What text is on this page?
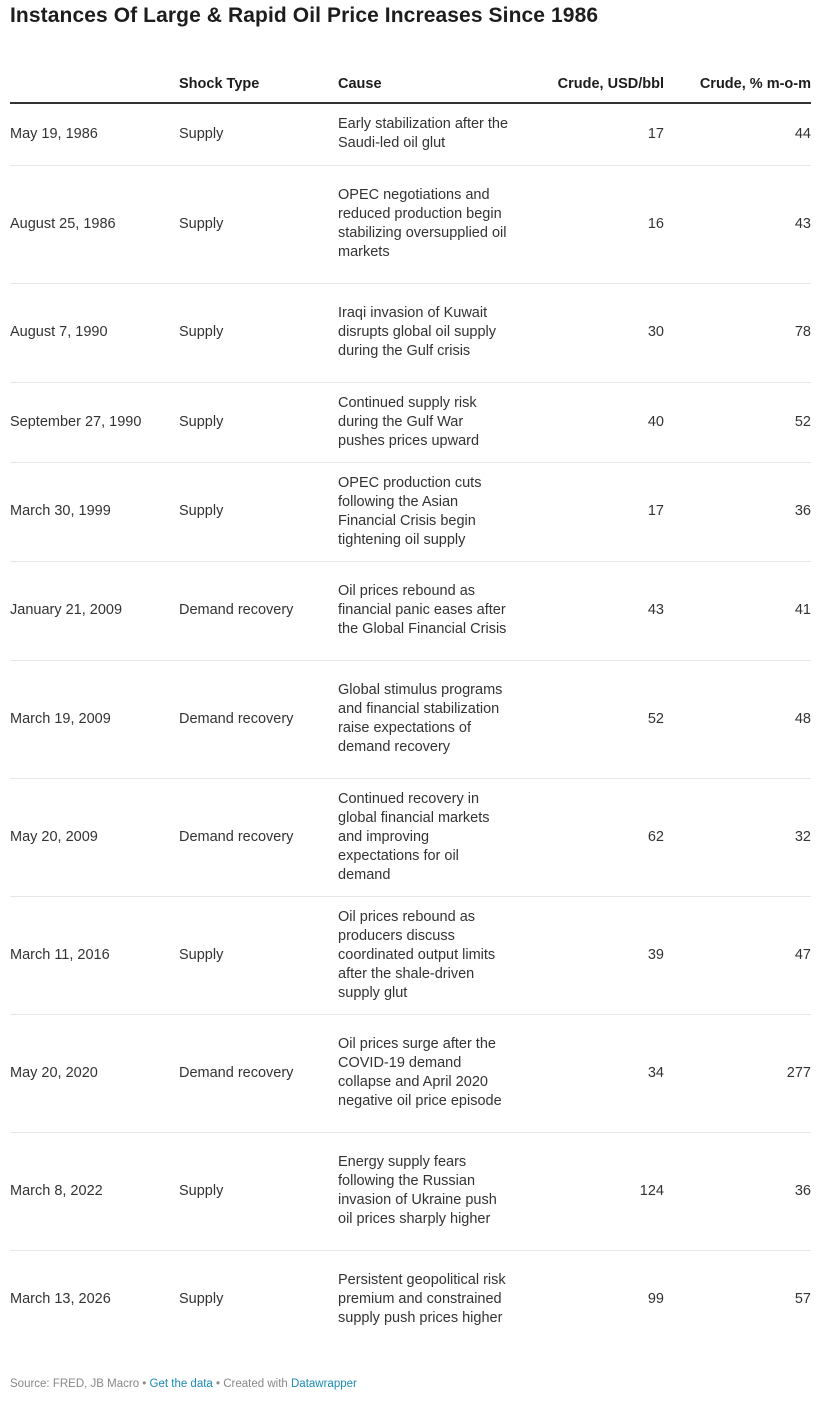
Instances Of Large & Rapid Oil Price Increases Since 1986
	Shock Type	Cause	Crude, USD/bbl	Crude, % m-o-m
May 19, 1986	Supply	Early stabilization after the Saudi-led oil glut	17	44
August 25, 1986	Supply	OPEC negotiations and reduced production begin stabilizing oversupplied oil markets	16	43
August 7, 1990	Supply	Iraqi invasion of Kuwait disrupts global oil supply during the Gulf crisis	30	78
September 27, 1990	Supply	Continued supply risk during the Gulf War pushes prices upward	40	52
March 30, 1999	Supply	OPEC production cuts following the Asian Financial Crisis begin tightening oil supply	17	36
January 21, 2009	Demand recovery	Oil prices rebound as financial panic eases after the Global Financial Crisis	43	41
March 19, 2009	Demand recovery	Global stimulus programs and financial stabilization raise expectations of demand recovery	52	48
May 20, 2009	Demand recovery	Continued recovery in global financial markets and improving expectations for oil demand	62	32
March 11, 2016	Supply	Oil prices rebound as producers discuss coordinated output limits after the shale-driven supply glut	39	47
May 20, 2020	Demand recovery	Oil prices surge after the COVID-19 demand collapse and April 2020 negative oil price episode	34	277
March 8, 2022	Supply	Energy supply fears following the Russian invasion of Ukraine push oil prices sharply higher	124	36
March 13, 2026	Supply	Persistent geopolitical risk premium and constrained supply push prices higher	99	57
Source: FRED, JB Macro • Get the data • Created with Datawrapper
